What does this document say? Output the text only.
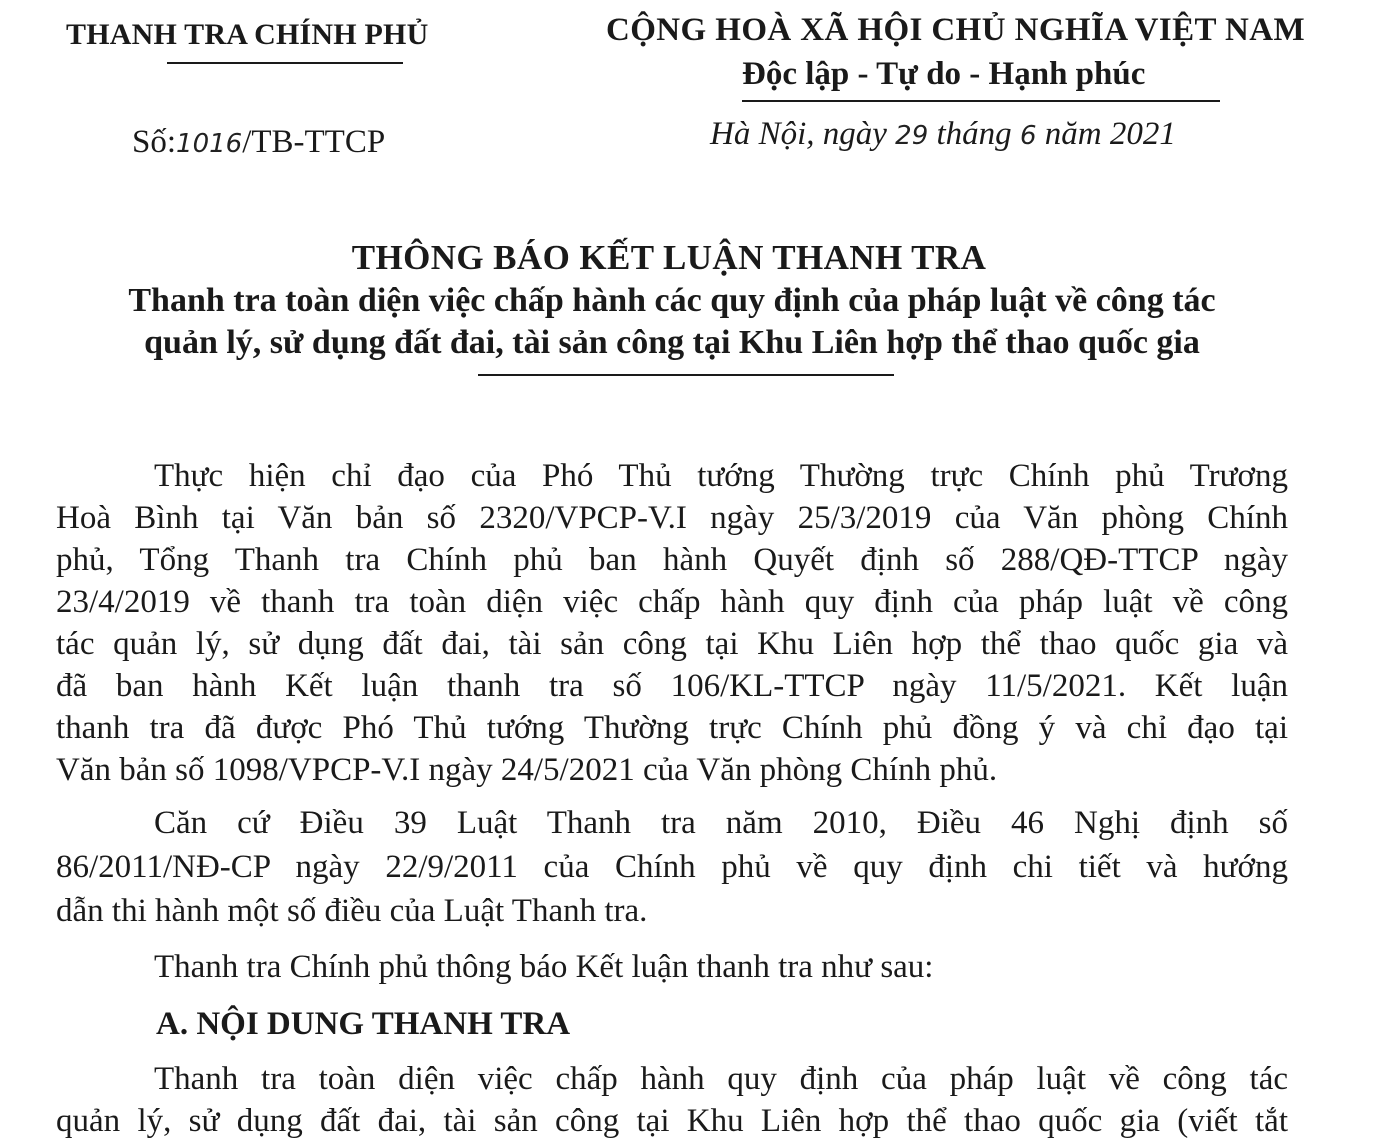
THANH TRA CHÍNH PHỦ	CỘNG HOÀ XÃ HỘI CHỦ NGHĨA VIỆT NAM
Độc lập - Tự do - Hạnh phúc
Số:1016/TB-TTCP	Hà Nội, ngày 29 tháng 6 năm 2021
THÔNG BÁO KẾT LUẬN THANH TRA
Thanh tra toàn diện việc chấp hành các quy định của pháp luật về công tác
quản lý, sử dụng đất đai, tài sản công tại Khu Liên hợp thể thao quốc gia
Thực hiện chỉ đạo của Phó Thủ tướng Thường trực Chính phủ Trương
Hoà Bình tại Văn bản số 2320/VPCP-V.I ngày 25/3/2019 của Văn phòng Chính
phủ, Tổng Thanh tra Chính phủ ban hành Quyết định số 288/QĐ-TTCP ngày
23/4/2019 về thanh tra toàn diện việc chấp hành quy định của pháp luật về công
tác quản lý, sử dụng đất đai, tài sản công tại Khu Liên hợp thể thao quốc gia và
đã ban hành Kết luận thanh tra số 106/KL-TTCP ngày 11/5/2021. Kết luận
thanh tra đã được Phó Thủ tướng Thường trực Chính phủ đồng ý và chỉ đạo tại
Văn bản số 1098/VPCP-V.I ngày 24/5/2021 của Văn phòng Chính phủ.
Căn cứ Điều 39 Luật Thanh tra năm 2010, Điều 46 Nghị định số
86/2011/NĐ-CP ngày 22/9/2011 của Chính phủ về quy định chi tiết và hướng
dẫn thi hành một số điều của Luật Thanh tra.
Thanh tra Chính phủ thông báo Kết luận thanh tra như sau:
A. NỘI DUNG THANH TRA
Thanh tra toàn diện việc chấp hành quy định của pháp luật về công tác
quản lý, sử dụng đất đai, tài sản công tại Khu Liên hợp thể thao quốc gia (viết tắt
